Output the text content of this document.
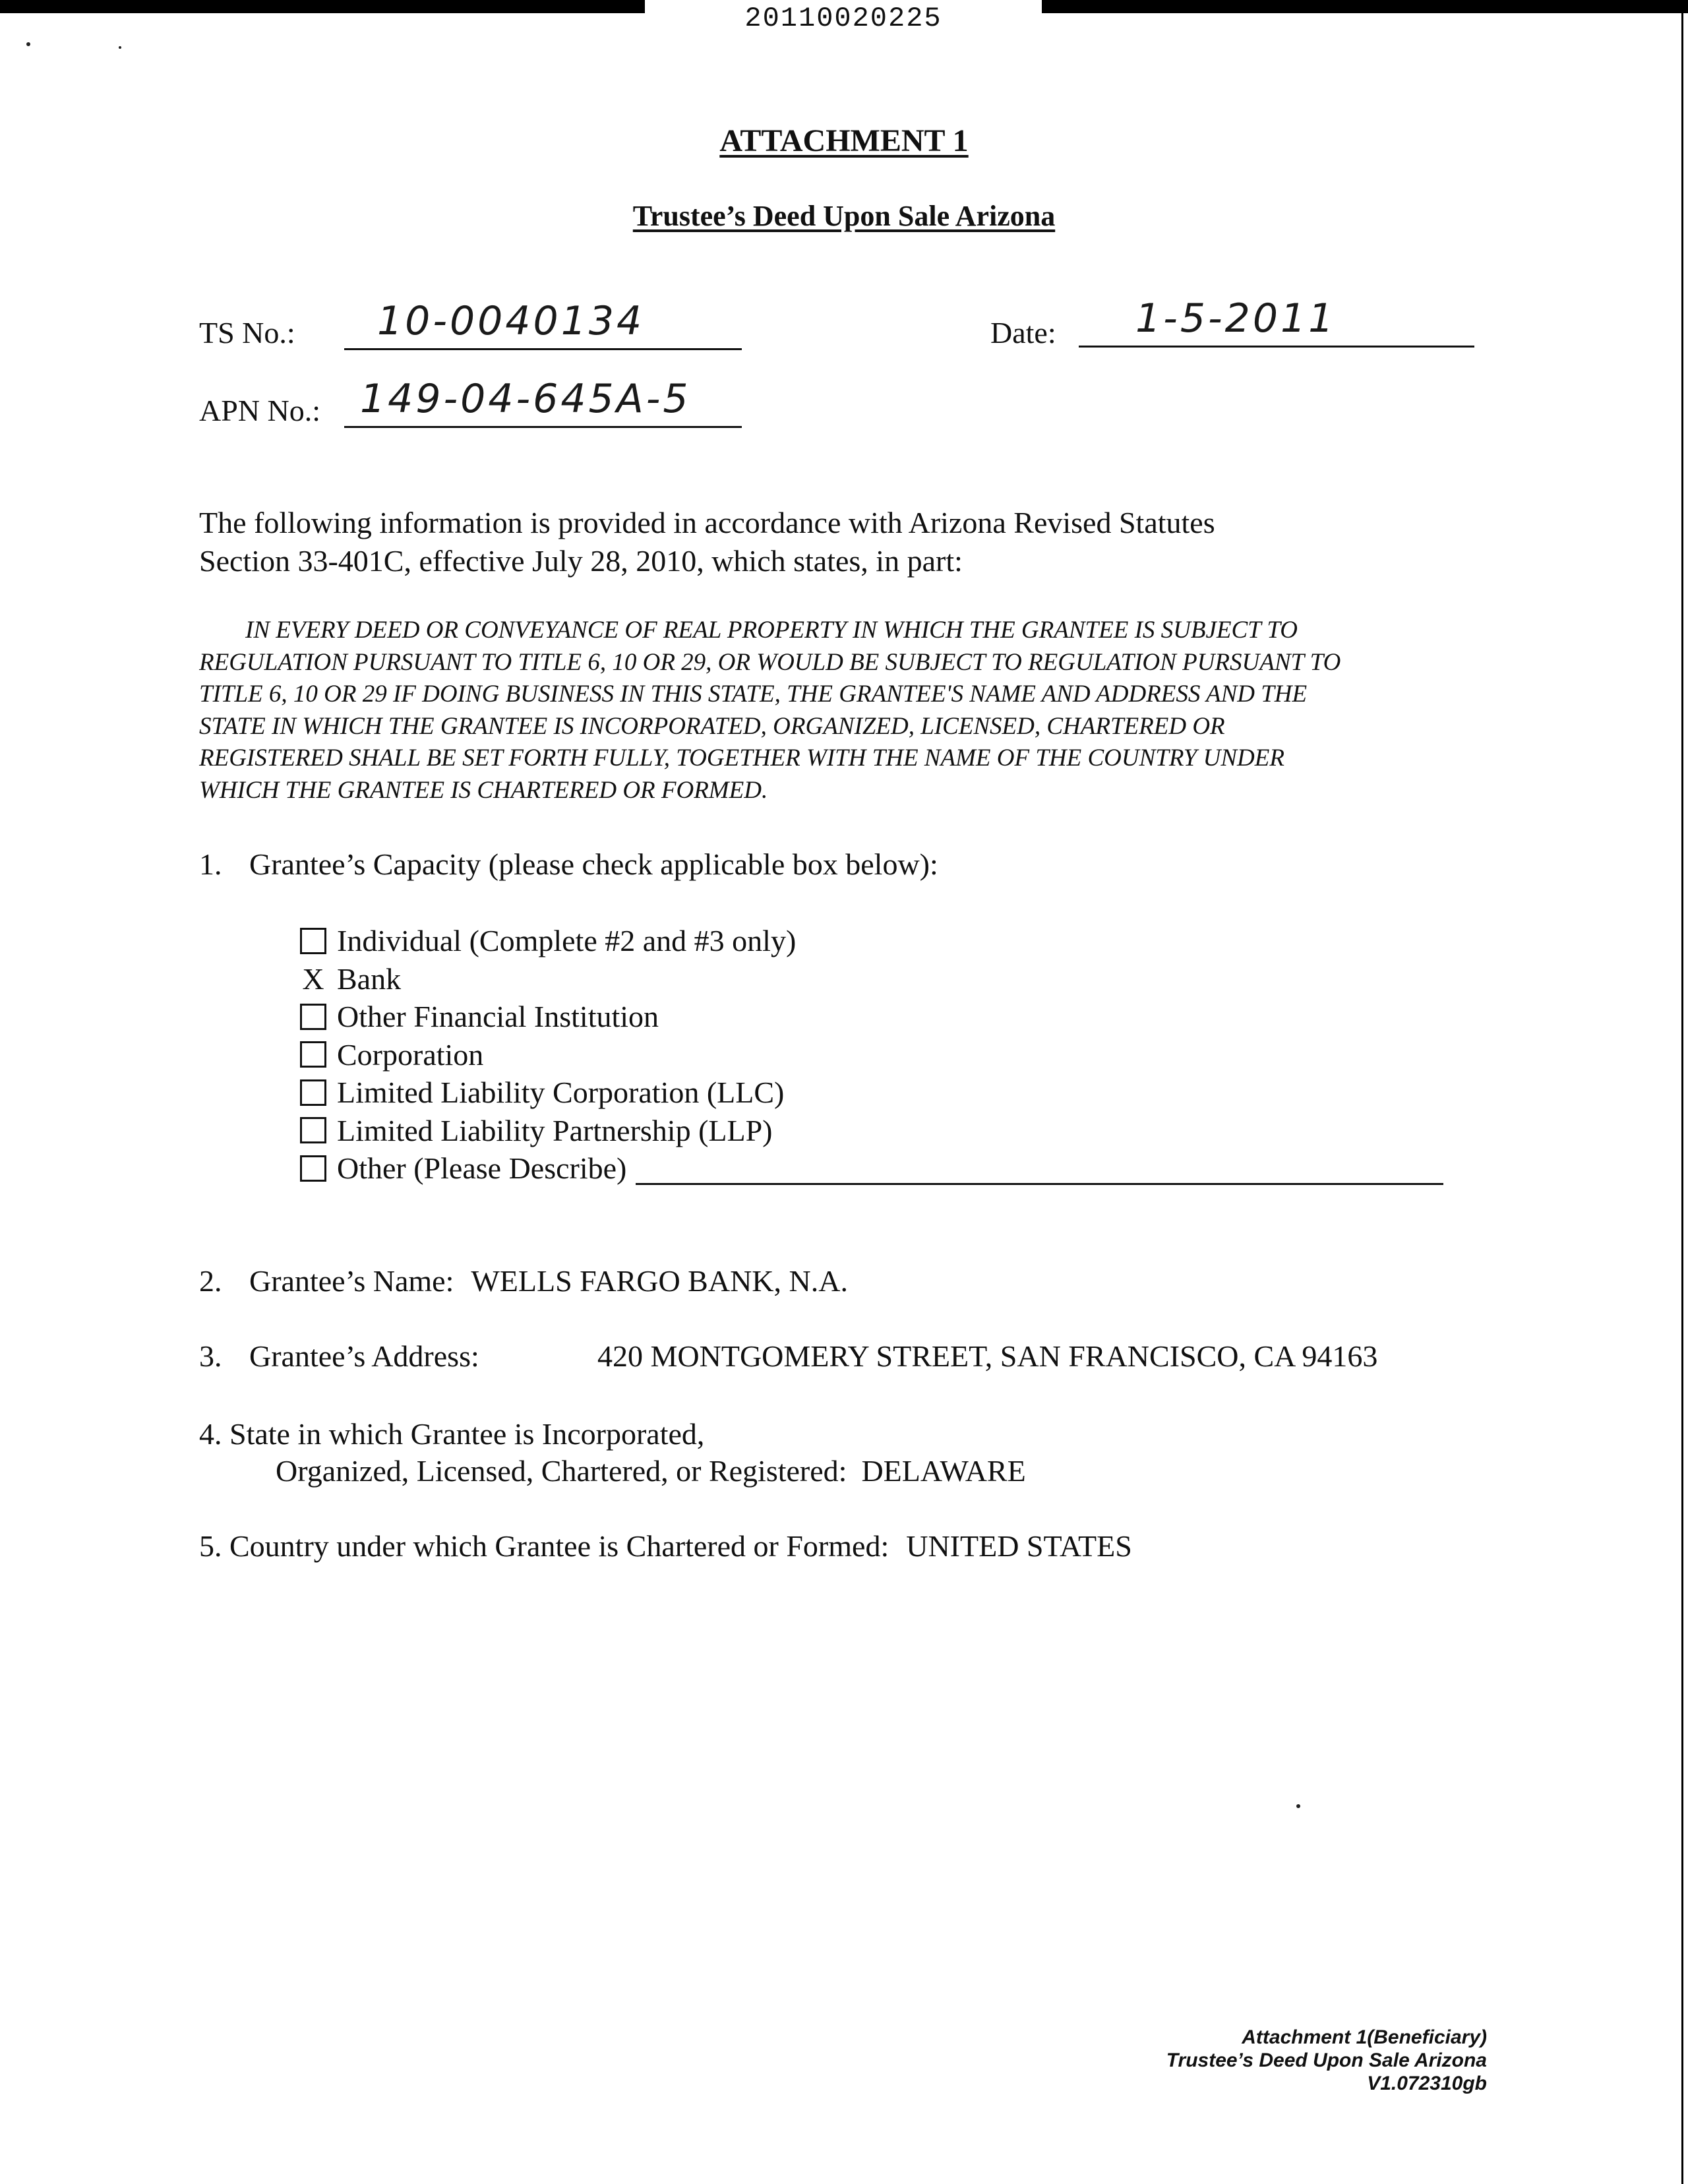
20110020225
ATTACHMENT 1
Trustee’s Deed Upon Sale Arizona
TS No.: 10-0040134	Date: 1-5-2011
APN No.: 149-04-645A-5
The following information is provided in accordance with Arizona Revised Statutes
Section 33-401C, effective July 28, 2010, which states, in part:
IN EVERY DEED OR CONVEYANCE OF REAL PROPERTY IN WHICH THE GRANTEE IS SUBJECT TO
REGULATION PURSUANT TO TITLE 6, 10 OR 29, OR WOULD BE SUBJECT TO REGULATION PURSUANT TO
TITLE 6, 10 OR 29 IF DOING BUSINESS IN THIS STATE, THE GRANTEE'S NAME AND ADDRESS AND THE
STATE IN WHICH THE GRANTEE IS INCORPORATED, ORGANIZED, LICENSED, CHARTERED OR
REGISTERED SHALL BE SET FORTH FULLY, TOGETHER WITH THE NAME OF THE COUNTRY UNDER
WHICH THE GRANTEE IS CHARTERED OR FORMED.
1. Grantee’s Capacity (please check applicable box below):
Individual (Complete #2 and #3 only)
X Bank
Other Financial Institution
Corporation
Limited Liability Corporation (LLC)
Limited Liability Partnership (LLP)
Other (Please Describe)
2. Grantee’s Name: WELLS FARGO BANK, N.A.
3. Grantee’s Address:	420 MONTGOMERY STREET, SAN FRANCISCO, CA 94163
4. State in which Grantee is Incorporated,
Organized, Licensed, Chartered, or Registered: DELAWARE
5. Country under which Grantee is Chartered or Formed: UNITED STATES
Attachment 1(Beneficiary)
Trustee’s Deed Upon Sale Arizona
V1.072310gb
